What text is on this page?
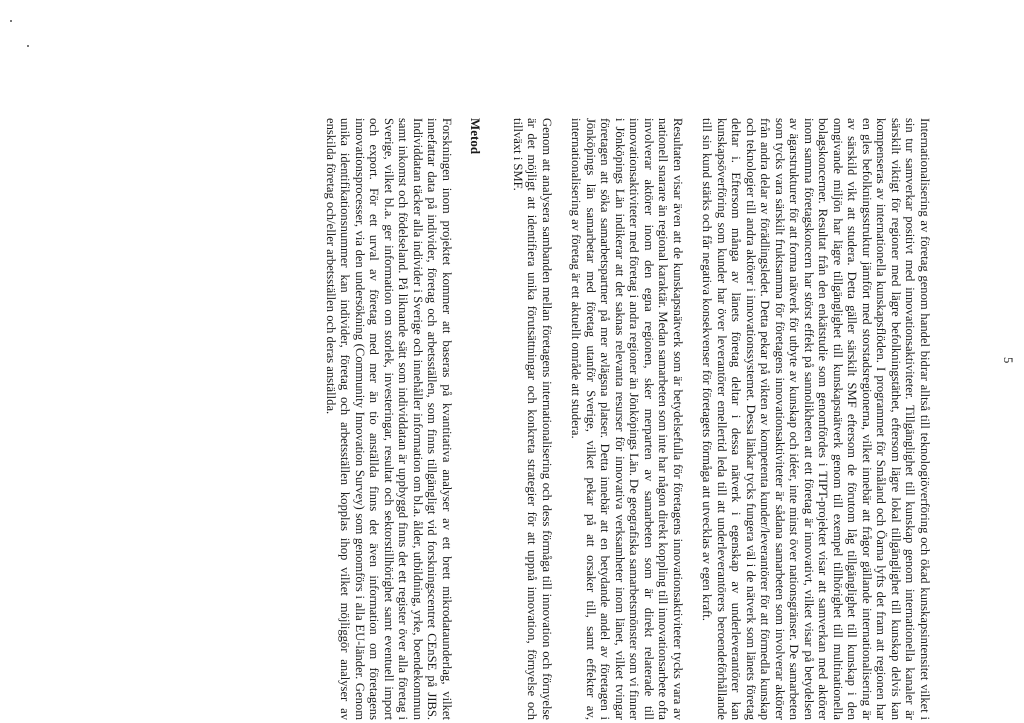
5

Internationalisering av företag genom handel bidrar alltså till teknologiöverföring och ökad kunskapsintensitet vilket i sin tur samverkar positivt med innovationsaktiviteter. Tillgänglighet till kunskap genom internationella kanaler är särskilt viktigt för regioner med lägre befolkningstäthet, eftersom lägre lokal tillgänglighet till kunskap delvis kan kompenseras av internationella kunskapsflöden. I programmet för Småland och Öarna lyfts det fram att regionen har en gles befolkningsstruktur jämfört med storstadsregionerna, vilket innebär att frågor gällande internationalisering är av särskild vikt att studera. Detta gäller särskilt SMF eftersom de förutom låg tillgänglighet till kunskap i den omgivande miljön har lägre tillgänglighet till kunskapsnätverk genom till exempel tillhörighet till multinationella bolagskoncerner. Resultat från den enkätstudie som genomfördes i TIPT-projektet visar att samverkan med aktörer inom samma företagskoncern har störst effekt på sannolikheten att ett företag är innovativt, vilket visar på betydelsen av ägarstrukturer för att forma nätverk för utbyte av kunskap och idéer, inte minst över nationsgränser. De samarbeten som tycks vara särskilt fruktsamma för företagens innovationsaktiviteter är sådana samarbeten som involverar aktörer från andra delar av förädlingsledet. Detta pekar på vikten av kompetenta kunder/leverantörer för att förmedla kunskap och teknologier till andra aktörer i innovationssystemet. Dessa länkar tycks fungera väl i de nätverk som länets företag deltar i. Eftersom många av länets företag deltar i dessa nätverk i egenskap av underleverantörer kan kunskapsöverföring som kunder har över leverantörer emellertid leda till att underleverantörers beroendeförhållande till sin kund stärks och får negativa konsekvenser för företagets förmåga att utvecklas av egen kraft.

Resultaten visar även att de kunskapsnätverk som är betydelsefulla för företagens innovationsaktiviteter tycks vara av nationell snarare än regional karaktär. Medan samarbeten som inte har någon direkt koppling till innovationsarbete ofta involverar aktörer inom den egna regionen, sker merparten av samarbeten som är direkt relaterade till innovationsaktiviteter med företag i andra regioner än Jönköpings Län. De geografiska samarbetsmönster som vi finner i Jönköpings Län indikerar att det saknas relevanta resurser för innovativa verksamheter inom länet, vilket tvingar företagen att söka samarbetspartner på mer avlägsna platser. Detta innebär att en betydande andel av företagen i Jönköpings län samarbetar med företag utanför Sverige, vilket pekar på att orsaker till, samt effekter av, internationalisering av företag är ett aktuellt område att studera.

Genom att analysera sambanden mellan företagens internationalisering och dess förmåga till innovation och förnyelse är det möjligt att identifiera unika förutsättningar och konkreta strategier för att uppnå innovation, förnyelse och tillväxt i SMF.

Metod

Forskningen inom projektet kommer att baseras på kvantitativa analyser av ett brett mikrodataunderlag, vilket innefattar data på individer, företag och arbetsställen, som finns tillgängligt vid forskningscentret CEnSE på JIBS. Individdatan täcker alla individer i Sverige och innehåller information om bl.a. ålder, utbildning, yrke, boendekommun samt inkomst och födelseland. På liknande sätt som individdatan är uppbyggd finns det ett register över alla företag i Sverige, vilket bl.a. ger information om storlek, investeringar, resultat och sektorstillhörighet samt eventuell import och export. För ett urval av företag med mer än tio anställda finns det även information om företagens innovationsprocesser, via den undersökning (Community Innovation Survey) som genomförs i alla EU-länder. Genom unika identifikationsnummer kan individer, företag och arbetsställen kopplas ihop vilket möjliggör analyser av enskilda företag och/eller arbetsställen och deras anställda.
